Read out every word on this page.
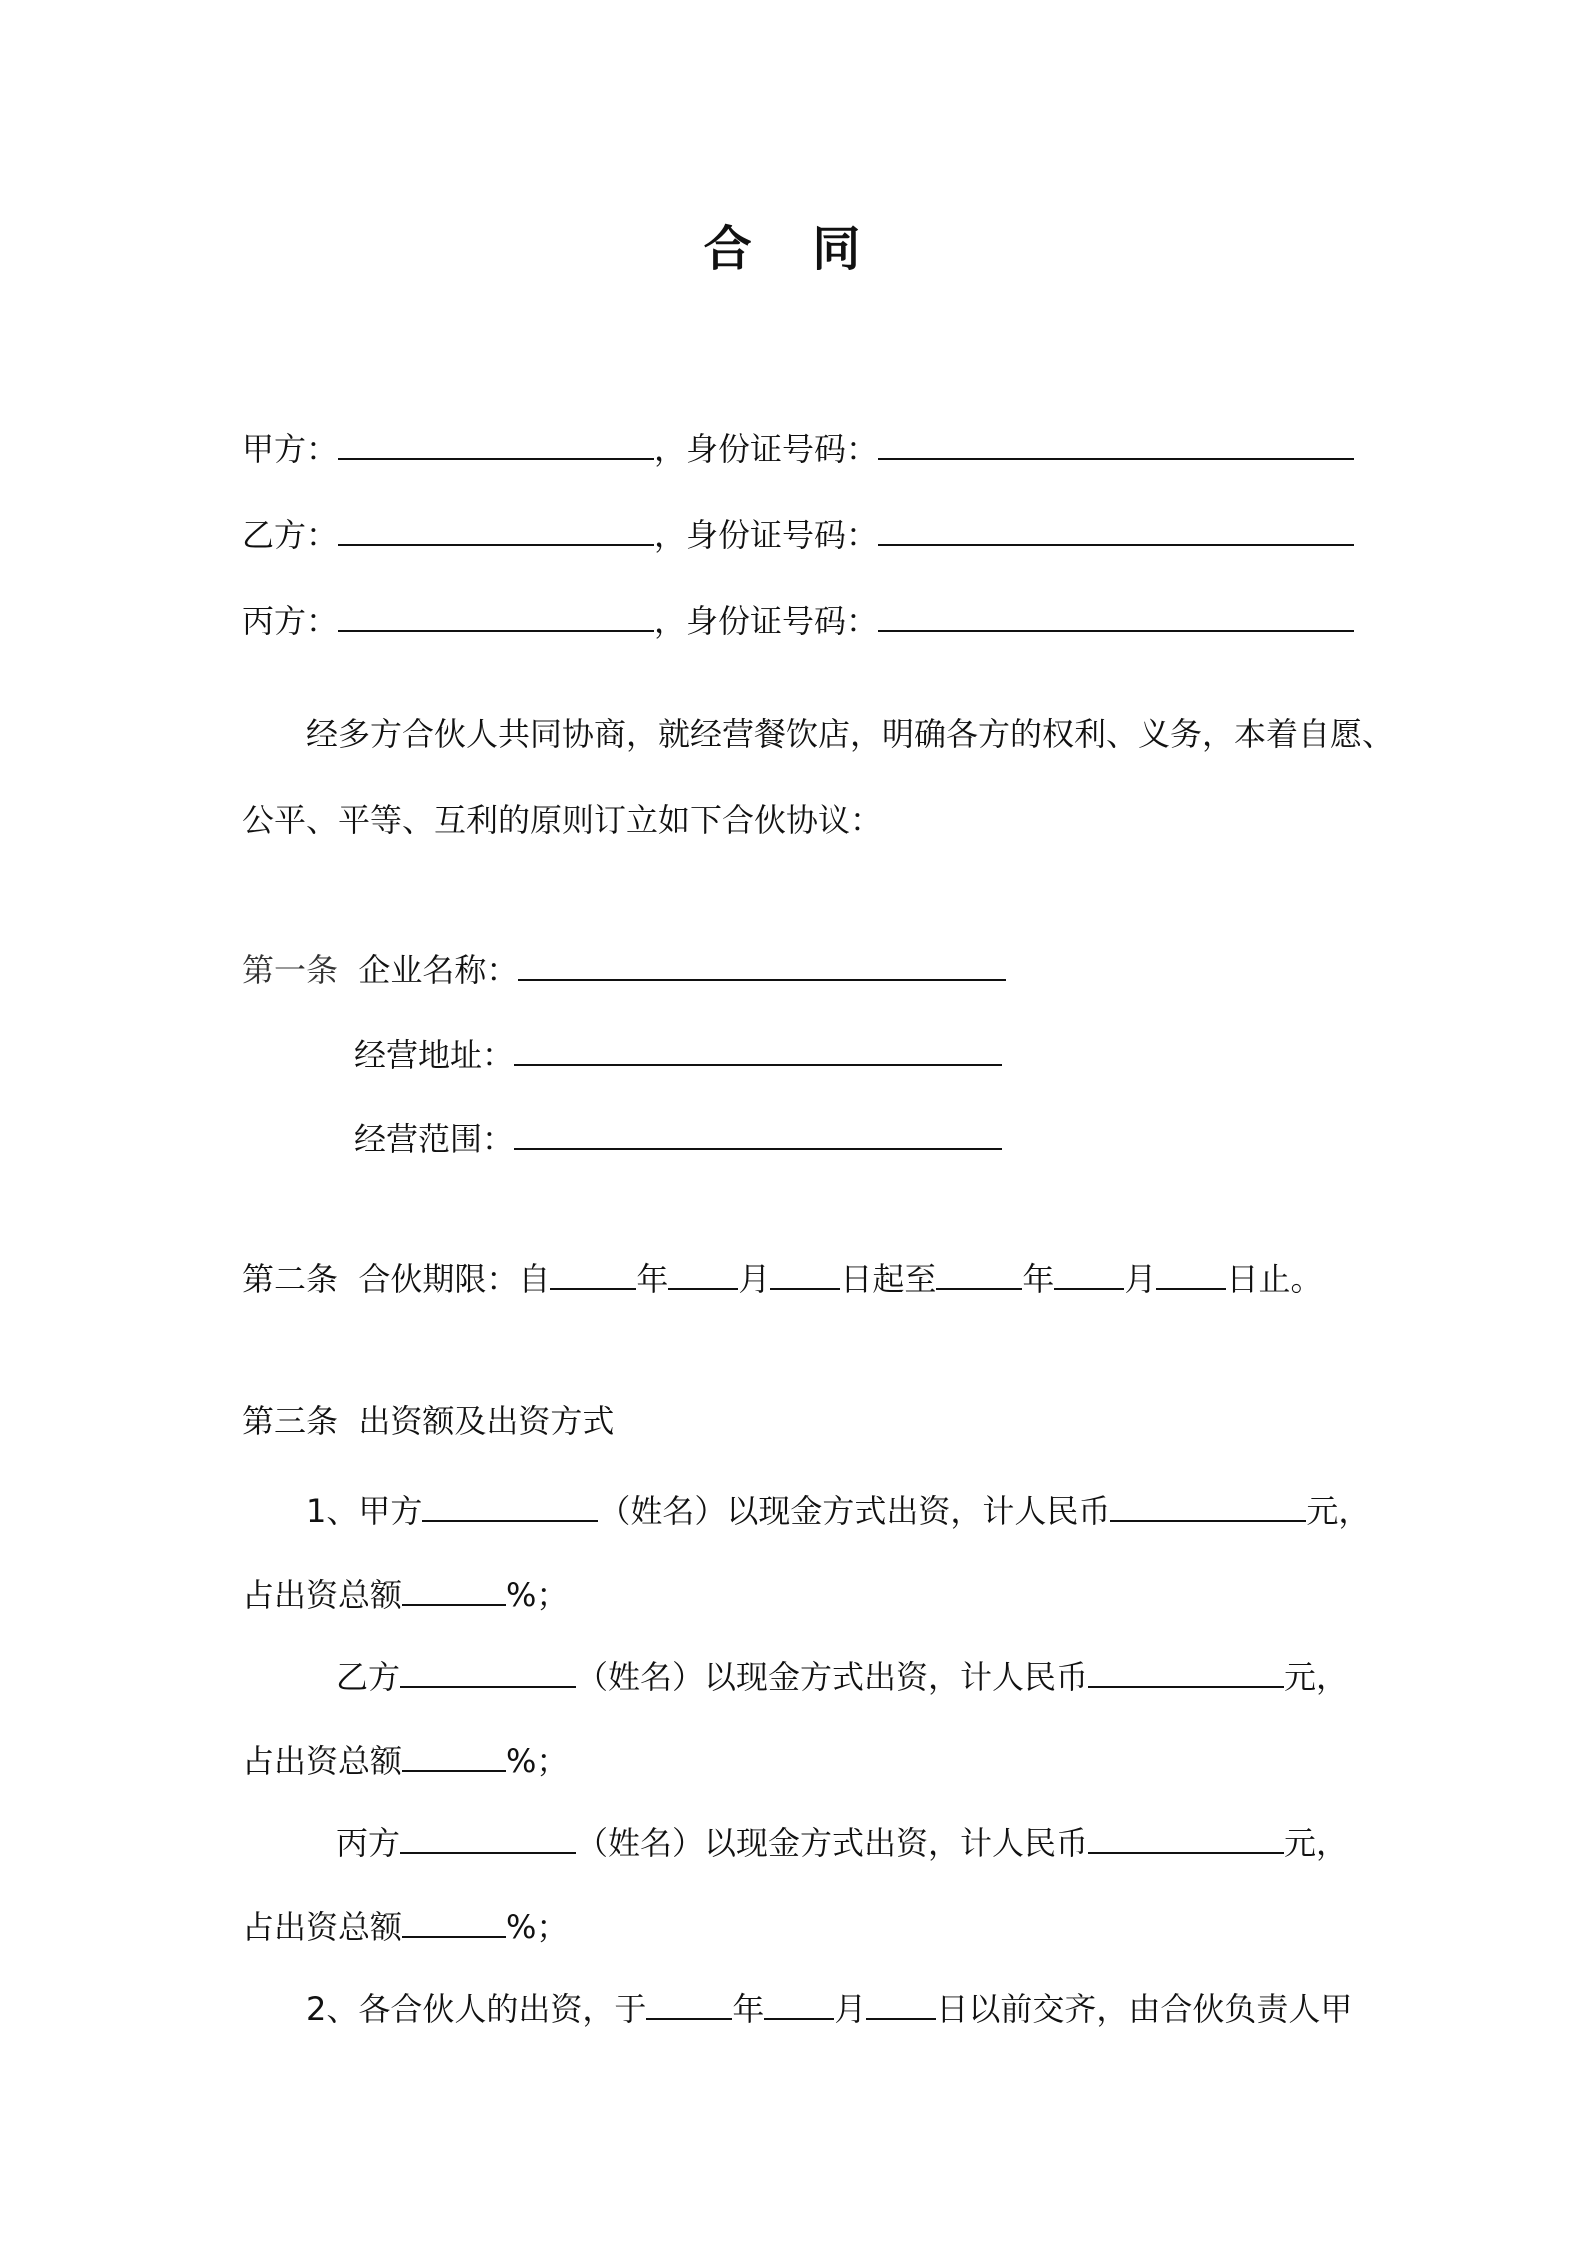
合 同
甲方：	，身份证号码：
乙方：	，身份证号码：
丙方：	，身份证号码：
经多方合伙人共同协商，就经营餐饮店，明确各方的权利、义务，本着自愿、
公平、平等、互利的原则订立如下合伙协议：
第一条 企业名称：
经营地址：
经营范围：
第二条 合伙期限：自	年 月 日起至	年 月 日止。
第三条  出资额及出资方式
1、甲方	（姓名）以现金方式出资，计人民币	元，
占出资总额	%；
乙方	（姓名）以现金方式出资，计人民币	元，
占出资总额	%；
丙方	（姓名）以现金方式出资，计人民币	元，
占出资总额	%；
2、各合伙人的出资，于	年 月 日以前交齐，由合伙负责人甲
